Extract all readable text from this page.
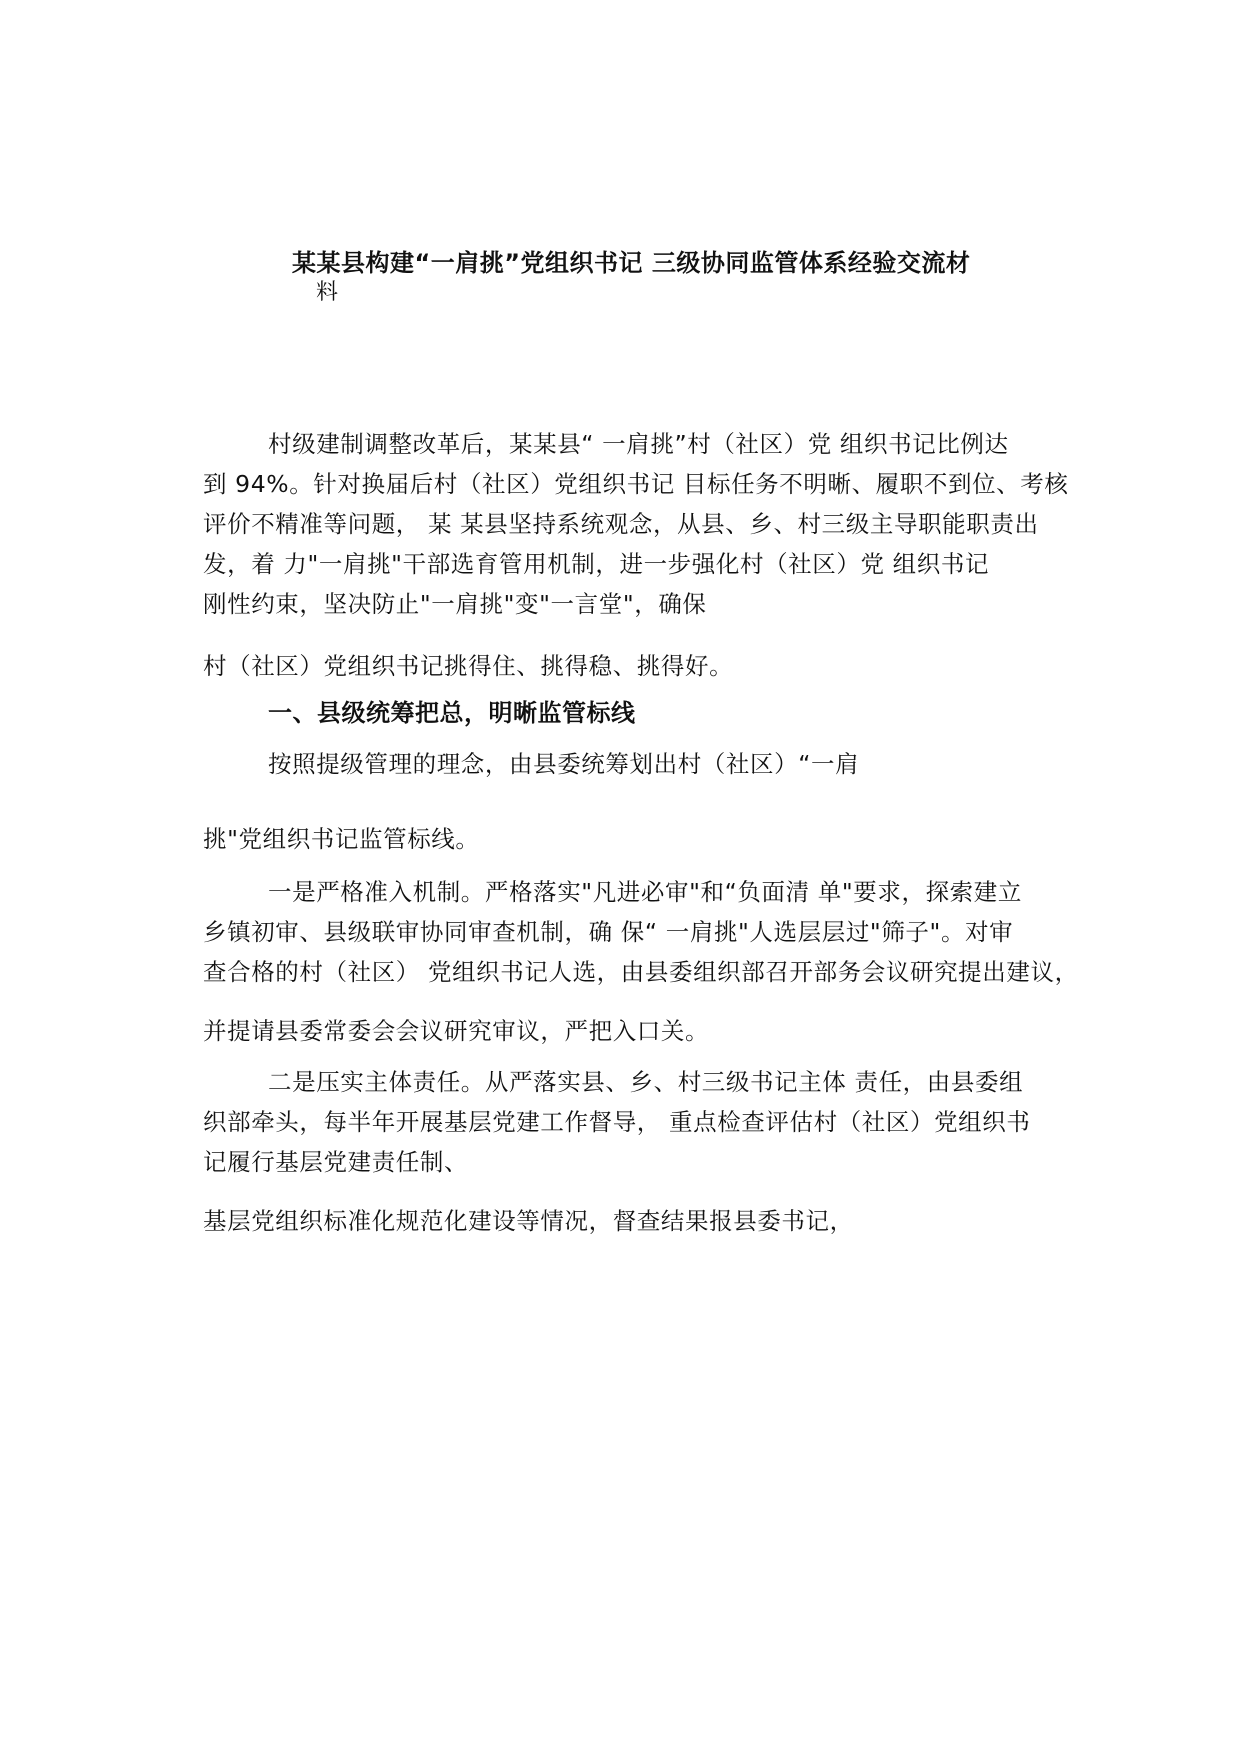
某某县构建“一肩挑”党组织书记 三级协同监管体系经验交流材
料
村级建制调整改革后，某某县“ 一肩挑”村（社区）党 组织书记比例达
到 94%。针对换届后村（社区）党组织书记 目标任务不明晰、履职不到位、考核
评价不精准等问题， 某 某县坚持系统观念，从县、乡、村三级主导职能职责出
发，着 力"一肩挑"干部选育管用机制，进一步强化村（社区）党 组织书记
刚性约束，坚决防止"一肩挑"变"一言堂"，确保
村（社区）党组织书记挑得住、挑得稳、挑得好。
一、县级统筹把总，明晰监管标线
按照提级管理的理念，由县委统筹划出村（社区）“一肩
挑"党组织书记监管标线。
一是严格准入机制。严格落实"凡进必审"和“负面清 单"要求，探索建立
乡镇初审、县级联审协同审查机制，确 保“ 一肩挑"人选层层过"筛子"。对审
查合格的村（社区） 党组织书记人选，由县委组织部召开部务会议研究提出建议，
并提请县委常委会会议研究审议，严把入口关。
二是压实主体责任。从严落实县、乡、村三级书记主体 责任，由县委组
织部牵头，每半年开展基层党建工作督导， 重点检查评估村（社区）党组织书
记履行基层党建责任制、
基层党组织标准化规范化建设等情况，督查结果报县委书记，
